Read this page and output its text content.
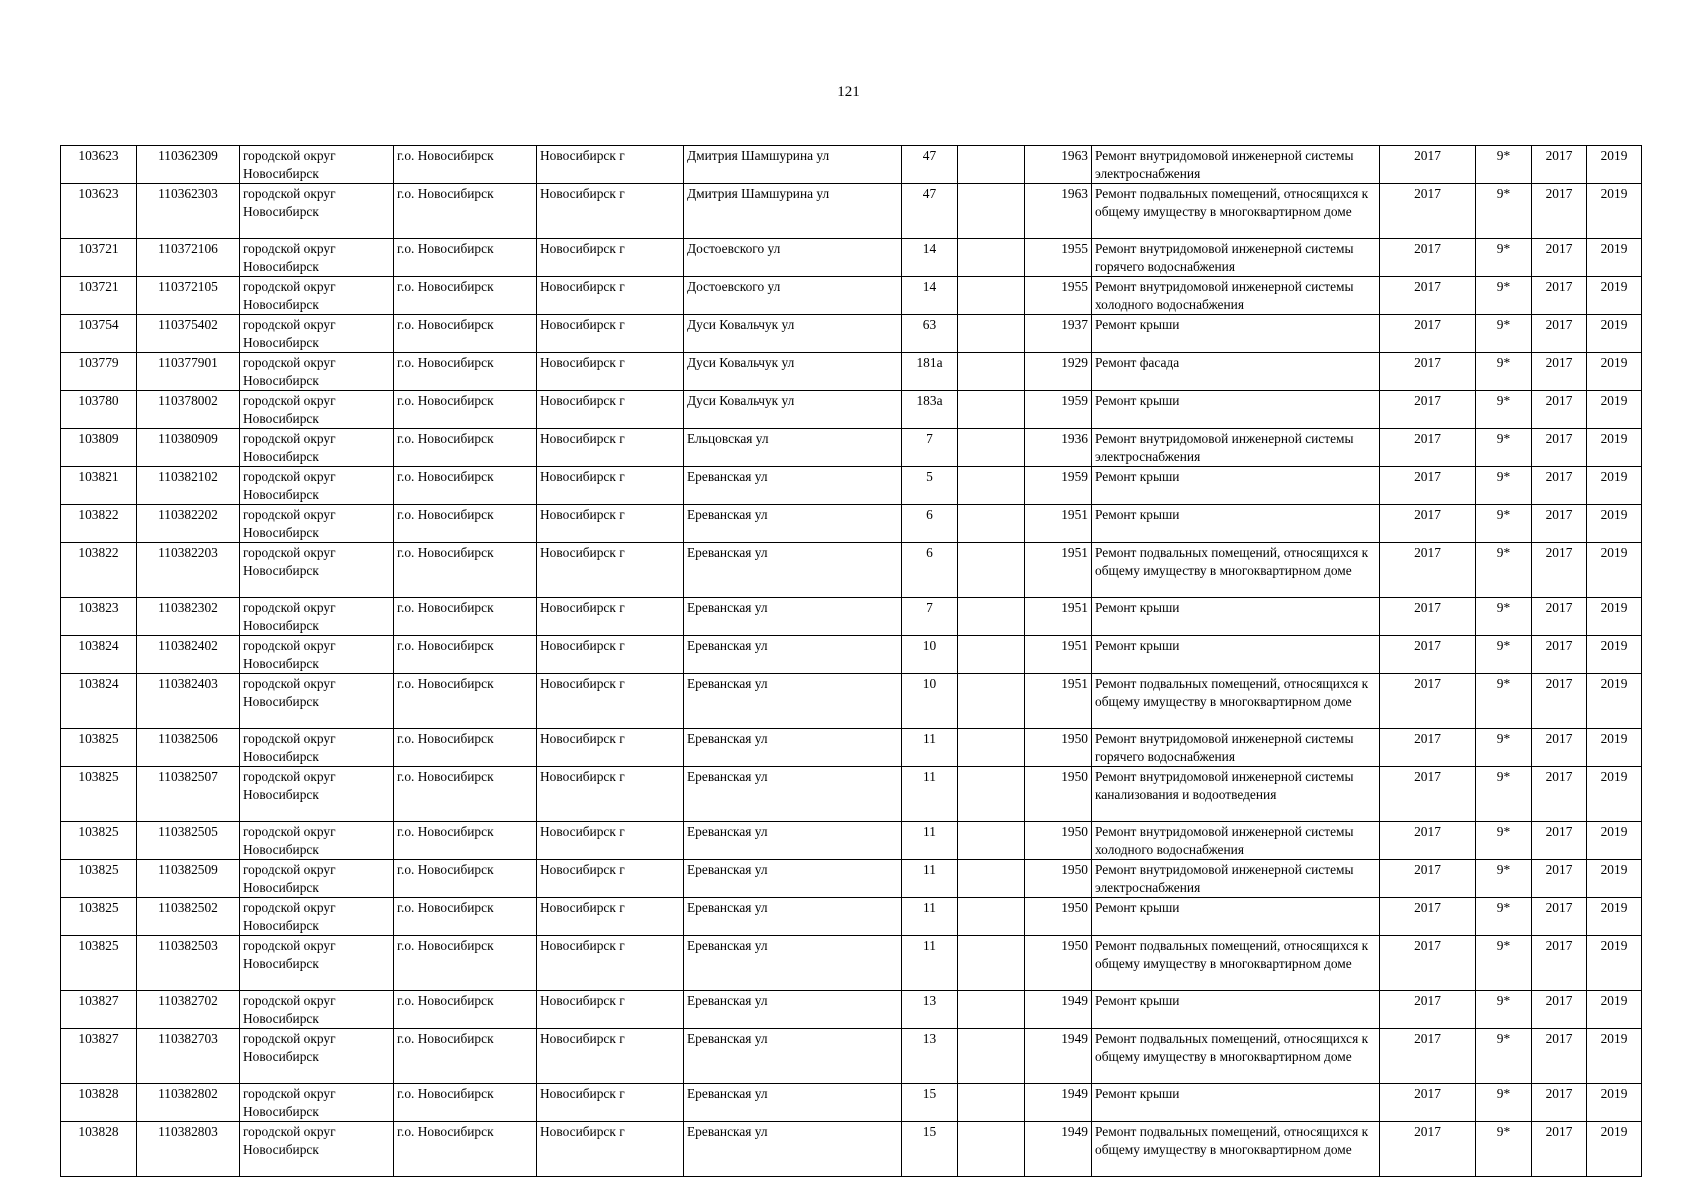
121
103623	110362309	городской округ Новосибирск	г.о. Новосибирск	Новосибирск г	Дмитрия Шамшурина ул	47		1963	Ремонт внутридомовой инженерной системы электроснабжения	2017	9*	2017	2019
103623	110362303	городской округ Новосибирск	г.о. Новосибирск	Новосибирск г	Дмитрия Шамшурина ул	47		1963	Ремонт подвальных помещений, относящихся к общему имуществу в многоквартирном доме	2017	9*	2017	2019
103721	110372106	городской округ Новосибирск	г.о. Новосибирск	Новосибирск г	Достоевского ул	14		1955	Ремонт внутридомовой инженерной системы горячего водоснабжения	2017	9*	2017	2019
103721	110372105	городской округ Новосибирск	г.о. Новосибирск	Новосибирск г	Достоевского ул	14		1955	Ремонт внутридомовой инженерной системы холодного водоснабжения	2017	9*	2017	2019
103754	110375402	городской округ Новосибирск	г.о. Новосибирск	Новосибирск г	Дуси Ковальчук ул	63		1937	Ремонт крыши	2017	9*	2017	2019
103779	110377901	городской округ Новосибирск	г.о. Новосибирск	Новосибирск г	Дуси Ковальчук ул	181а		1929	Ремонт фасада	2017	9*	2017	2019
103780	110378002	городской округ Новосибирск	г.о. Новосибирск	Новосибирск г	Дуси Ковальчук ул	183а		1959	Ремонт крыши	2017	9*	2017	2019
103809	110380909	городской округ Новосибирск	г.о. Новосибирск	Новосибирск г	Ельцовская ул	7		1936	Ремонт внутридомовой инженерной системы электроснабжения	2017	9*	2017	2019
103821	110382102	городской округ Новосибирск	г.о. Новосибирск	Новосибирск г	Ереванская ул	5		1959	Ремонт крыши	2017	9*	2017	2019
103822	110382202	городской округ Новосибирск	г.о. Новосибирск	Новосибирск г	Ереванская ул	6		1951	Ремонт крыши	2017	9*	2017	2019
103822	110382203	городской округ Новосибирск	г.о. Новосибирск	Новосибирск г	Ереванская ул	6		1951	Ремонт подвальных помещений, относящихся к общему имуществу в многоквартирном доме	2017	9*	2017	2019
103823	110382302	городской округ Новосибирск	г.о. Новосибирск	Новосибирск г	Ереванская ул	7		1951	Ремонт крыши	2017	9*	2017	2019
103824	110382402	городской округ Новосибирск	г.о. Новосибирск	Новосибирск г	Ереванская ул	10		1951	Ремонт крыши	2017	9*	2017	2019
103824	110382403	городской округ Новосибирск	г.о. Новосибирск	Новосибирск г	Ереванская ул	10		1951	Ремонт подвальных помещений, относящихся к общему имуществу в многоквартирном доме	2017	9*	2017	2019
103825	110382506	городской округ Новосибирск	г.о. Новосибирск	Новосибирск г	Ереванская ул	11		1950	Ремонт внутридомовой инженерной системы горячего водоснабжения	2017	9*	2017	2019
103825	110382507	городской округ Новосибирск	г.о. Новосибирск	Новосибирск г	Ереванская ул	11		1950	Ремонт внутридомовой инженерной системы канализования и водоотведения	2017	9*	2017	2019
103825	110382505	городской округ Новосибирск	г.о. Новосибирск	Новосибирск г	Ереванская ул	11		1950	Ремонт внутридомовой инженерной системы холодного водоснабжения	2017	9*	2017	2019
103825	110382509	городской округ Новосибирск	г.о. Новосибирск	Новосибирск г	Ереванская ул	11		1950	Ремонт внутридомовой инженерной системы электроснабжения	2017	9*	2017	2019
103825	110382502	городской округ Новосибирск	г.о. Новосибирск	Новосибирск г	Ереванская ул	11		1950	Ремонт крыши	2017	9*	2017	2019
103825	110382503	городской округ Новосибирск	г.о. Новосибирск	Новосибирск г	Ереванская ул	11		1950	Ремонт подвальных помещений, относящихся к общему имуществу в многоквартирном доме	2017	9*	2017	2019
103827	110382702	городской округ Новосибирск	г.о. Новосибирск	Новосибирск г	Ереванская ул	13		1949	Ремонт крыши	2017	9*	2017	2019
103827	110382703	городской округ Новосибирск	г.о. Новосибирск	Новосибирск г	Ереванская ул	13		1949	Ремонт подвальных помещений, относящихся к общему имуществу в многоквартирном доме	2017	9*	2017	2019
103828	110382802	городской округ Новосибирск	г.о. Новосибирск	Новосибирск г	Ереванская ул	15		1949	Ремонт крыши	2017	9*	2017	2019
103828	110382803	городской округ Новосибирск	г.о. Новосибирск	Новосибирск г	Ереванская ул	15		1949	Ремонт подвальных помещений, относящихся к общему имуществу в многоквартирном доме	2017	9*	2017	2019
